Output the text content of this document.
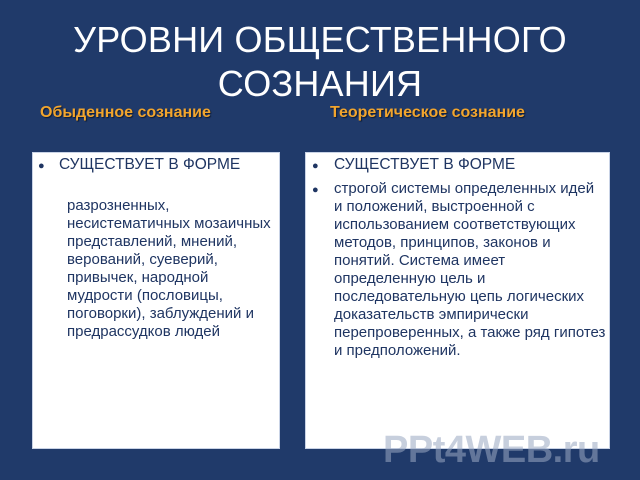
УРОВНИ ОБЩЕСТВЕННОГО
СОЗНАНИЯ
Обыденное сознание	Теоретическое сознание
● СУЩЕСТВУЕТ В ФОРМЕ
разрозненных, несистематичных мозаичных представлений, мнений, верований, суеверий, привычек, народной мудрости (пословицы, поговорки), заблуждений и предрассудков людей
● СУЩЕСТВУЕТ В ФОРМЕ
● строгой системы определенных идей и положений, выстроенной с использованием соответствующих методов, принципов, законов и понятий. Система имеет определенную цель и последовательную цепь логических доказательств эмпирически перепроверенных, а также ряд гипотез и предположений.
PPt4WEB.ru
